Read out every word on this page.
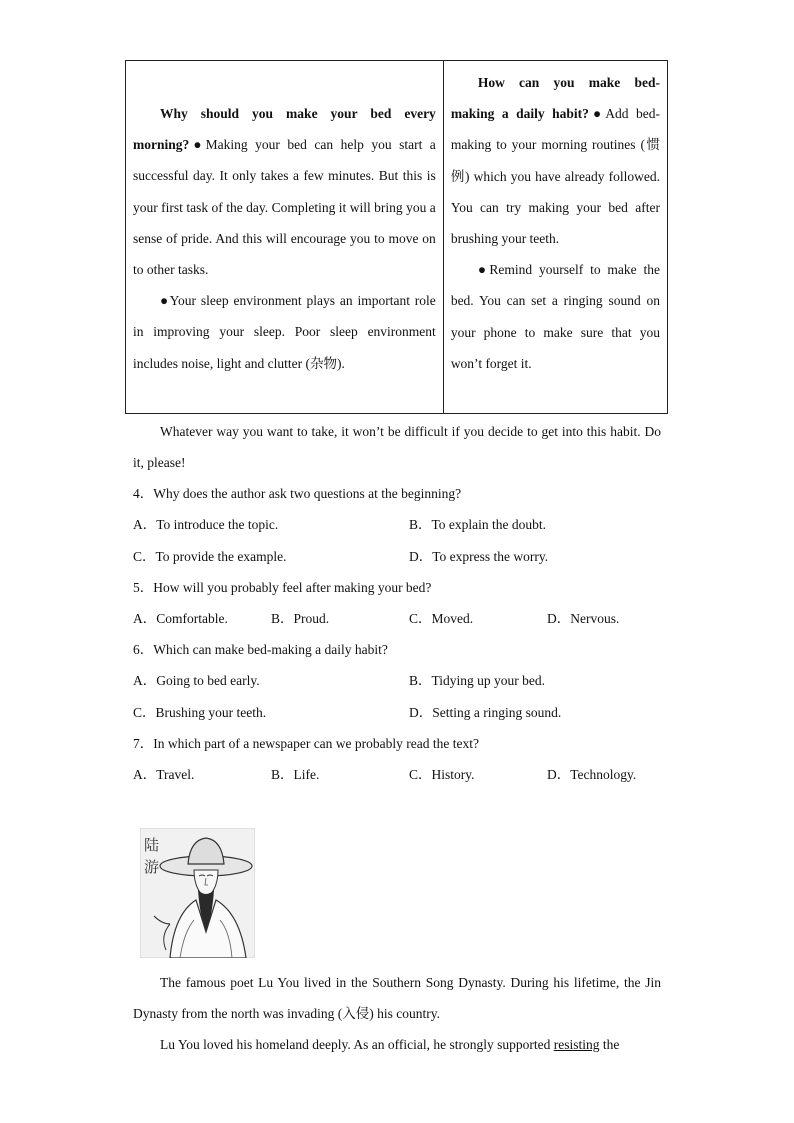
Why should you make your bed every morning?●Making your bed can help you start a successful day. It only takes a few minutes. But this is your first task of the day. Completing it will bring you a sense of pride. And this will encourage you to move on to other tasks.

●Your sleep environment plays an important role in improving your sleep. Poor sleep environment includes noise, light and clutter (杂物).

How can you make bed-making a daily habit?●Add bed-making to your morning routines (惯例) which you have already followed. You can try making your bed after brushing your teeth.

●Remind yourself to make the bed. You can set a ringing sound on your phone to make sure that you won’t forget it.

Whatever way you want to take, it won’t be difficult if you decide to get into this habit. Do it, please!

4．Why does the author ask two questions at the beginning?
A．To introduce the topic.	B．To explain the doubt.
C．To provide the example.	D．To express the worry.
5．How will you probably feel after making your bed?
A．Comfortable.	B．Proud.	C．Moved.	D．Nervous.
6．Which can make bed-making a daily habit?
A．Going to bed early.	B．Tidying up your bed.
C．Brushing your teeth.	D．Setting a ringing sound.
7．In which part of a newspaper can we probably read the text?
A．Travel.	B．Life.	C．History.	D．Technology.
陆
游

The famous poet Lu You lived in the Southern Song Dynasty. During his lifetime, the Jin Dynasty from the north was invading (入侵) his country.

Lu You loved his homeland deeply. As an official, he strongly supported resisting the
